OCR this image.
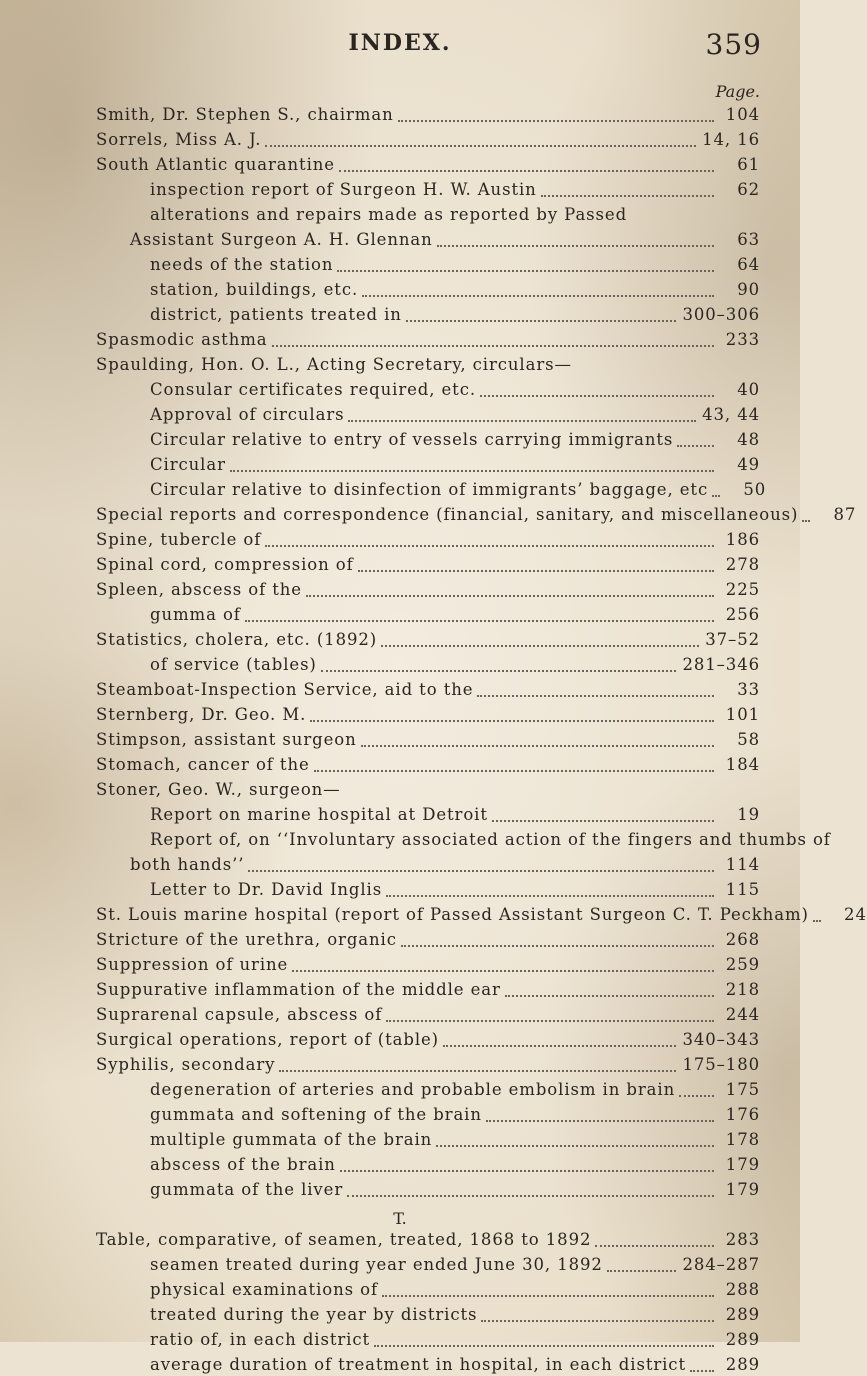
INDEX.	359
Page.
Smith, Dr. Stephen S., chairman	104
Sorrels, Miss A. J.	14, 16
South Atlantic quarantine	61
inspection report of Surgeon H. W. Austin	62
alterations and repairs made as reported by Passed
Assistant Surgeon A. H. Glennan	63
needs of the station	64
station, buildings, etc.	90
district, patients treated in	300–306
Spasmodic asthma	233
Spaulding, Hon. O. L., Acting Secretary, circulars—
Consular certificates required, etc.	40
Approval of circulars	43, 44
Circular relative to entry of vessels carrying immigrants	48
Circular	49
Circular relative to disinfection of immigrants’ baggage, etc	50
Special reports and correspondence (financial, sanitary, and miscellaneous)	87
Spine, tubercle of	186
Spinal cord, compression of	278
Spleen, abscess of the	225
gumma of	256
Statistics, cholera, etc. (1892)	37–52
of service (tables)	281–346
Steamboat-Inspection Service, aid to the	33
Sternberg, Dr. Geo. M.	101
Stimpson, assistant surgeon	58
Stomach, cancer of the	184
Stoner, Geo. W., surgeon—
Report on marine hospital at Detroit	19
Report of, on ‘‘Involuntary associated action of the fingers and thumbs of
both hands’’	114
Letter to Dr. David Inglis	115
St. Louis marine hospital (report of Passed Assistant Surgeon C. T. Peckham)	24
Stricture of the urethra, organic	268
Suppression of urine	259
Suppurative inflammation of the middle ear	218
Suprarenal capsule, abscess of	244
Surgical operations, report of (table)	340–343
Syphilis, secondary	175–180
degeneration of arteries and probable embolism in brain	175
gummata and softening of the brain	176
multiple gummata of the brain	178
abscess of the brain	179
gummata of the liver	179
T.
Table, comparative, of seamen, treated, 1868 to 1892	283
seamen treated during year ended June 30, 1892	284–287
physical examinations of	288
treated during the year by districts	289
ratio of, in each district	289
average duration of treatment in hospital, in each district	289
